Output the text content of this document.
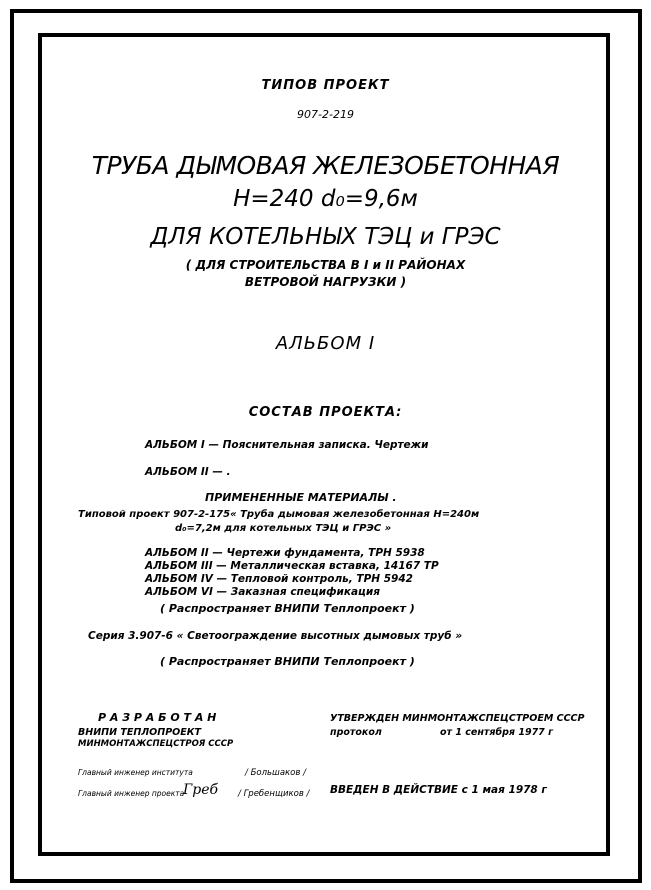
ТИПОВ ПРОЕКТ
907-2-219
ТРУБА ДЫМОВАЯ ЖЕЛЕЗОБЕТОННАЯ
H=240 d₀=9,6м
ДЛЯ КОТЕЛЬНЫХ ТЭЦ и ГРЭС
( ДЛЯ СТРОИТЕЛЬСТВА В I и II РАЙОНАХ
ВЕТРОВОЙ НАГРУЗКИ )
АЛЬБОМ I
СОСТАВ ПРОЕКТА:
АЛЬБОМ I — Пояснительная записка. Чертежи
АЛЬБОМ II — .
ПРИМЕНЕННЫЕ МАТЕРИАЛЫ .
Типовой проект 907-2-175« Труба дымовая железобетонная H=240м
d₀=7,2м для котельных ТЭЦ и ГРЭС »
АЛЬБОМ II — Чертежи фундамента, ТРН 5938
АЛЬБОМ III — Металлическая вставка, 14167 ТР
АЛЬБОМ IV — Тепловой контроль, ТРН 5942
АЛЬБОМ VI — Заказная спецификация
( Распространяет ВНИПИ Теплопроект )
Серия 3.907-6 « Светоограждение высотных дымовых труб »
( Распространяет ВНИПИ Теплопроект )
Р А З Р А Б О Т А Н
ВНИПИ ТЕПЛОПРОЕКТ
МИНМОНТАЖСПЕЦСТРОЯ СССР
УТВЕРЖДЕН МИНМОНТАЖСПЕЦСТРОЕМ СССР
протокол	от 1 сентября 1977 г
Главный инженер института	/ Большаков /
Главный инженер проекта
Греб / Гребенщиков / ВВЕДЕН В ДЕЙСТВИЕ с 1 мая 1978 г
